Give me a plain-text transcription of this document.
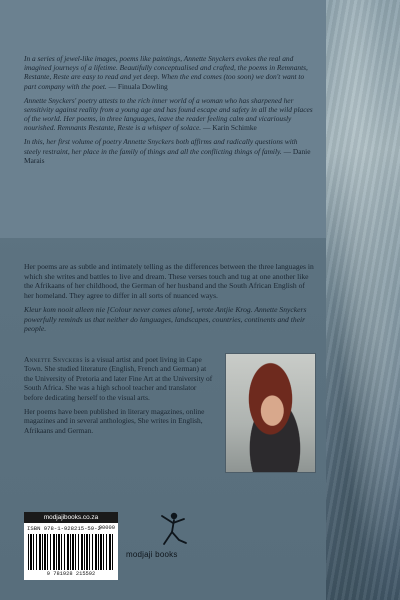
In a series of jewel-like images, poems like paintings, Annette Snyckers evokes the real and imagined journeys of a lifetime. Beautifully conceptualised and crafted, the poems in Remnants, Restante, Reste are easy to read and yet deep. When the end comes (too soon) we don't want to part company with the poet. — Finuala Dowling

Annette Snyckers' poetry attests to the rich inner world of a woman who has sharpened her sensitivity against reality from a young age and has found escape and safety in all the wild places of the world. Her poems, in three languages, leave the reader feeling calm and vicariously nourished. Remnants Restante, Reste is a whisper of solace. — Karin Schimke

In this, her first volume of poetry Annette Snyckers both affirms and radically questions with steely restraint, her place in the family of things and all the conflicting things of family. — Danie Marais

Her poems are as subtle and intimately telling as the differences between the three languages in which she writes and battles to live and dream. These verses touch and tug at one another like the Afrikaans of her childhood, the German of her husband and the South African English of her homeland. They agree to differ in all sorts of nuanced ways.

Kleur kom nooit alleen nie [Colour never comes alone], wrote Antjie Krog. Annette Snyckers powerfully reminds us that neither do languages, landscapes, countries, continents and their people.

Annette Snyckers is a visual artist and poet living in Cape Town. She studied literature (English, French and German) at the University of Pretoria and later Fine Art at the University of South Africa. She was a high school teacher and translator before dedicating herself to the visual arts.

Her poems have been published in literary magazines, online magazines and in several anthologies, She writes in English, Afrikaans and German.

modjajibooks.co.za
ISBN 978-1-928215-59-2
90000
9 781928 215592
modjaji books
